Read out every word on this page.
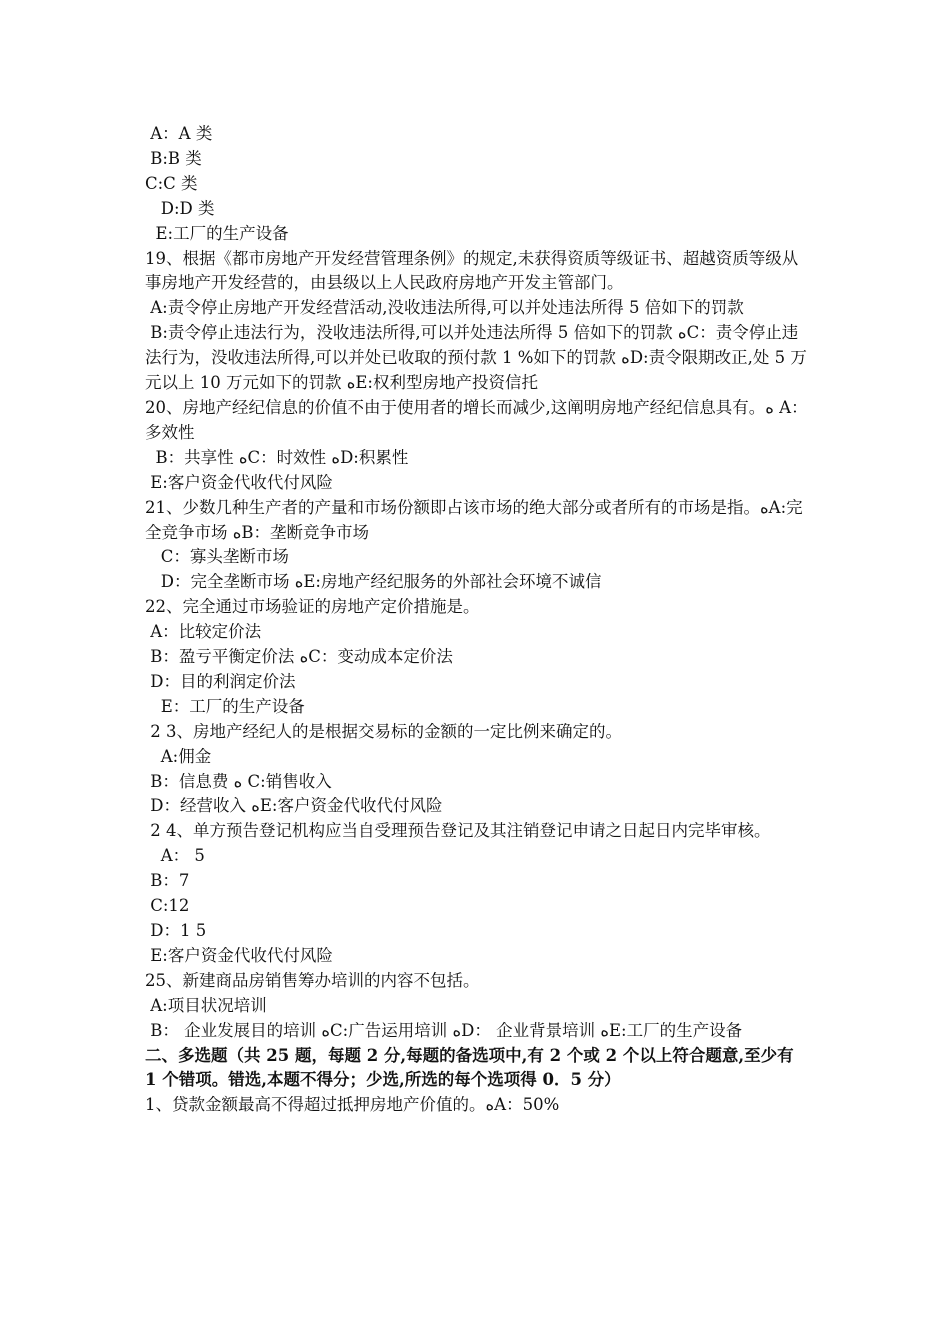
A：A 类

B:B 类

C:C 类

D:D 类

E:工厂的生产设备

19、根据《都市房地产开发经营管理条例》的规定,未获得资质等级证书、超越资质等级从事房地产开发经营的，由县级以上人民政府房地产开发主管部门。

A:责令停止房地产开发经营活动,没收违法所得,可以并处违法所得 5 倍如下的罚款

B:责令停止违法行为，没收违法所得,可以并处违法所得 5 倍如下的罚款 ﻩC：责令停止违法行为，没收违法所得,可以并处已收取的预付款 1 %如下的罚款 ﻩD:责令限期改正,处 5 万元以上 10 万元如下的罚款 ﻩE:权利型房地产投资信托

20、房地产经纪信息的价值不由于使用者的增长而减少,这阐明房地产经纪信息具有。ﻩ A：多效性

B：共享性 ﻩC：时效性 ﻩD:积累性

E:客户资金代收代付风险

21、少数几种生产者的产量和市场份额即占该市场的绝大部分或者所有的市场是指。ﻩA:完全竞争市场 ﻩB：垄断竞争市场

C：寡头垄断市场

D：完全垄断市场 ﻩE:房地产经纪服务的外部社会环境不诚信

22、完全通过市场验证的房地产定价措施是。

A：比较定价法

B：盈亏平衡定价法 ﻩC：变动成本定价法

D：目的利润定价法

E：工厂的生产设备

2 3、房地产经纪人的是根据交易标的金额的一定比例来确定的。

A:佣金

B：信息费 ﻩ C:销售收入

D：经营收入 ﻩE:客户资金代收代付风险

2 4、单方预告登记机构应当自受理预告登记及其注销登记申请之日起日内完毕审核。

A： 5

B：7

C:12

D：1 5

E:客户资金代收代付风险

25、新建商品房销售筹办培训的内容不包括。

A:项目状况培训

B： 企业发展目的培训 ﻩC:广告运用培训 ﻩD： 企业背景培训 ﻩE:工厂的生产设备

二、多选题（共 25 题，每题 2 分,每题的备选项中,有 2 个或 2 个以上符合题意,至少有 1 个错项。错选,本题不得分；少选,所选的每个选项得 0．5 分）

1、贷款金额最高不得超过抵押房地产价值的。ﻩA：50%
